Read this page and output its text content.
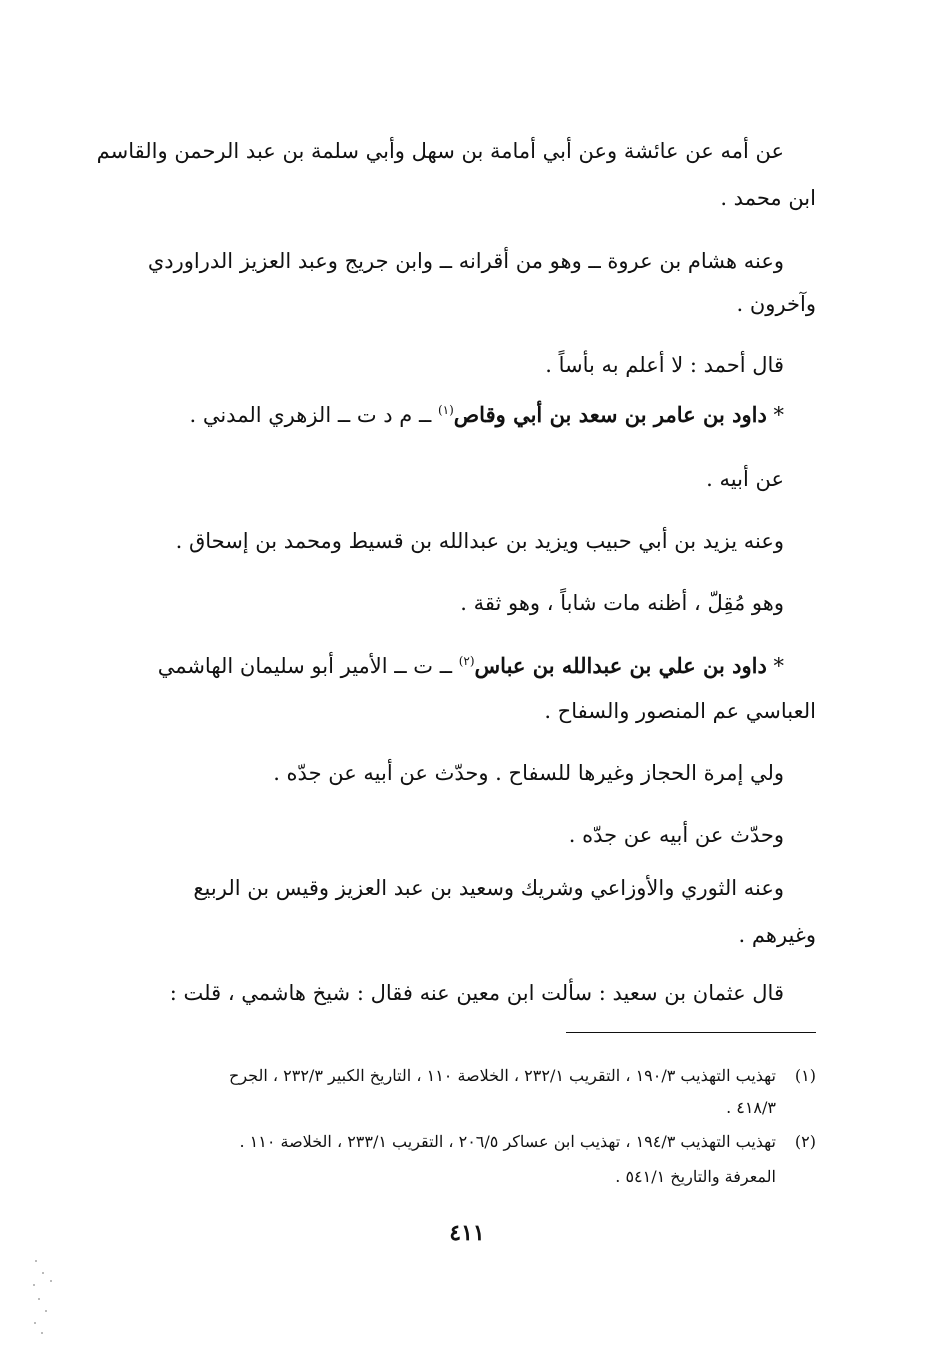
عن أمه عن عائشة وعن أبي أمامة بن سهل وأبي سلمة بن عبد الرحمن والقاسم
ابن محمد .
وعنه هشام بن عروة ــ وهو من أقرانه ــ وابن جريج وعبد العزيز الدراوردي
وآخرون .
قال أحمد : لا أعلم به بأساً .
* داود بن عامر بن سعد بن أبي وقاص$^{(١)}$ ــ م د ت ــ الزهري المدني .
عن أبيه .
وعنه يزيد بن أبي حبيب ويزيد بن عبدالله بن قسيط ومحمد بن إسحاق .
وهو مُقِلّ ، أظنه مات شاباً ، وهو ثقة .
* داود بن علي بن عبدالله بن عباس$^{(٢)}$ ــ ت ــ الأمير أبو سليمان الهاشمي
العباسي عم المنصور والسفاح .
ولي إمرة الحجاز وغيرها للسفاح . وحدّث عن أبيه عن جدّه .
وحدّث عن أبيه عن جدّه .
وعنه الثوري والأوزاعي وشريك وسعيد بن عبد العزيز وقيس بن الربيع
وغيرهم .
قال عثمان بن سعيد : سألت ابن معين عنه فقال : شيخ هاشمي ، قلت :
(١)
تهذيب التهذيب ١٩٠/٣ ، التقريب ٢٣٢/١ ، الخلاصة ١١٠ ، التاريخ الكبير ٢٣٢/٣ ، الجرح
٤١٨/٣ .
(٢)
تهذيب التهذيب ١٩٤/٣ ، تهذيب ابن عساكر ٢٠٦/٥ ، التقريب ٢٣٣/١ ، الخلاصة ١١٠ .
المعرفة والتاريخ ٥٤١/١ .
٤١١
